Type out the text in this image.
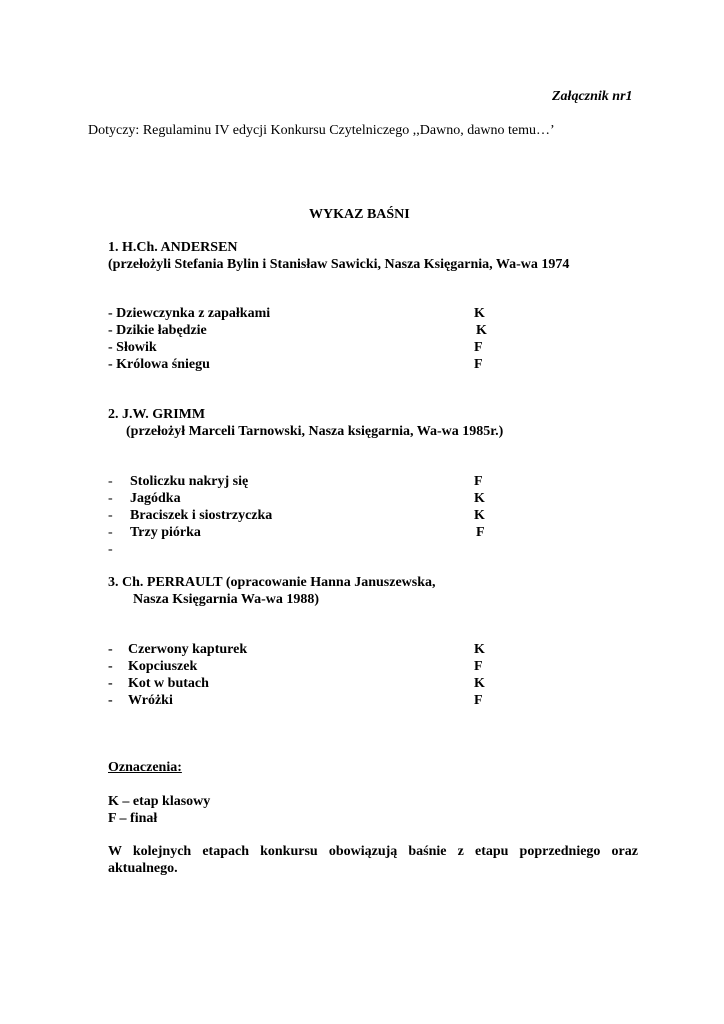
Załącznik nr1
Dotyczy: Regulaminu IV edycji Konkursu Czytelniczego ,,Dawno, dawno temu…’
WYKAZ BAŚNI
1. H.Ch. ANDERSEN
(przełożyli Stefania Bylin i Stanisław Sawicki, Nasza Księgarnia, Wa-wa 1974
- Dziewczynka z zapałkami	K
- Dzikie łabędzie	K
- Słowik	F
- Królowa śniegu	F
2. J.W. GRIMM
(przełożył Marceli Tarnowski, Nasza księgarnia, Wa-wa 1985r.)
- Stoliczku nakryj się	F
- Jagódka	K
- Braciszek i siostrzyczka	K
- Trzy piórka	F
-
3. Ch. PERRAULT (opracowanie Hanna Januszewska,
Nasza Księgarnia Wa-wa 1988)
- Czerwony kapturek	K
- Kopciuszek	F
- Kot w butach	K
- Wróżki	F
Oznaczenia:
K – etap klasowy
F – finał
W kolejnych etapach konkursu obowiązują baśnie z etapu poprzedniego oraz aktualnego.
